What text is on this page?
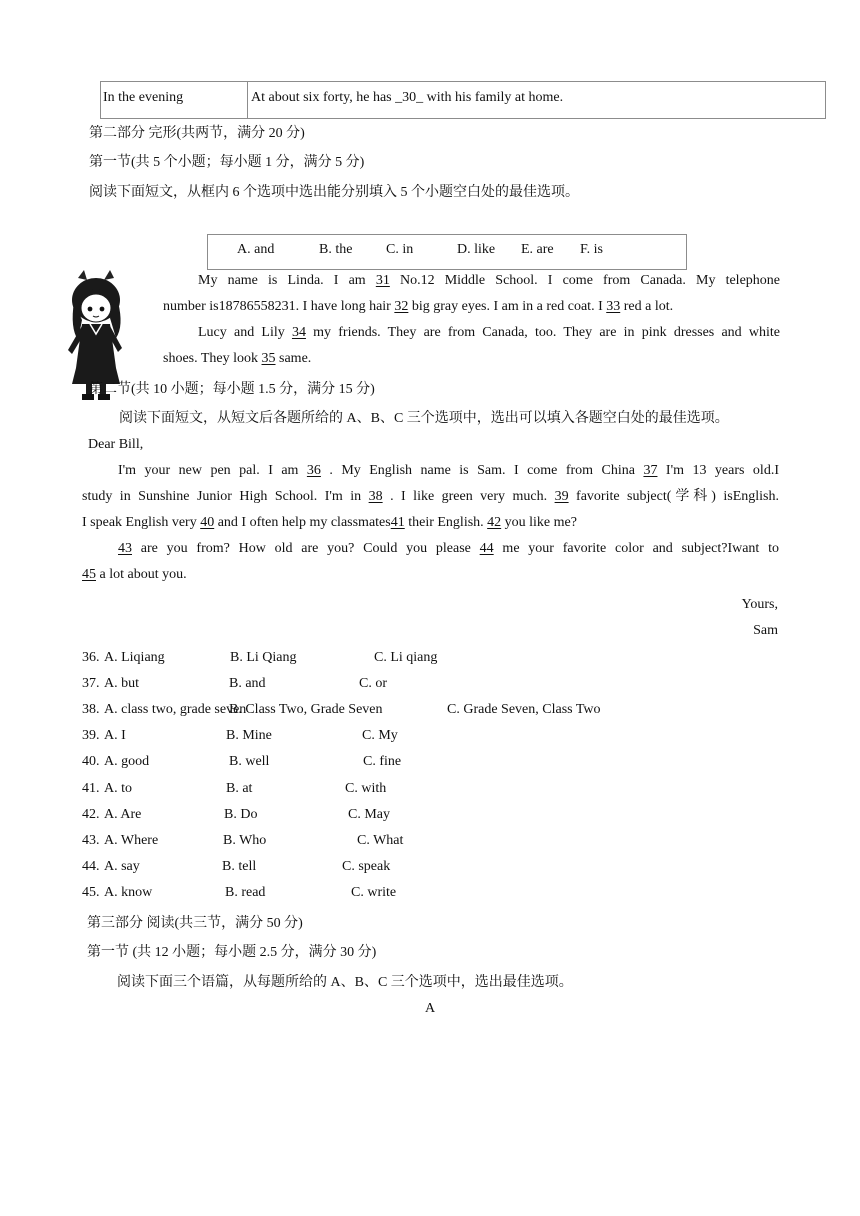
In the evening	At about six forty, he has _30_ with his family at home.
第二部分 完形(共两节，满分 20 分)
第一节(共 5 个小题；每小题 1 分，满分 5 分)
阅读下面短文，从框内 6 个选项中选出能分别填入 5 个小题空白处的最佳选项。
A. and	B. the C. in	D. like E. are F. is
My name is Linda. I am 31 No.12 Middle School. I come from Canada. My telephone
number is18786558231. I have long hair 32 big gray eyes. I am in a red coat. I 33 red a lot.
Lucy and Lily 34 my friends. They are from Canada, too. They are in pink dresses and white
shoes. They look 35 same.
第二节(共 10 小题；每小题 1.5 分，满分 15 分)
阅读下面短文，从短文后各题所给的 A、B、C 三个选项中，选出可以填入各题空白处的最佳选项。
Dear Bill,
I'm your new pen pal. I am 36 . My English name is Sam. I come from China 37 I'm 13 years old.I
study in Sunshine Junior High School. I'm in 38 . I like green very much. 39 favorite subject(学科) isEnglish.
I speak English very 40 and I often help my classmates41 their English. 42 you like me?
43 are you from? How old are you? Could you please 44 me your favorite color and subject?Iwant to
45 a lot about you.
Yours,
Sam
36. A. Liqiang	B. Li Qiang	C. Li qiang
37. A. but	B. and	C. or
38. A. class two, grade seven
B. Class Two, Grade Seven	C. Grade Seven, Class Two
39. A. I	B. Mine	C. My
40. A. good	B. well	C. fine
41. A. to	B. at	C. with
42. A. Are	B. Do	C. May
43. A. Where	B. Who	C. What
44. A. say	B. tell	C. speak
45. A. know	B. read	C. write
第三部分 阅读(共三节，满分 50 分)
第一节 (共 12 小题；每小题 2.5 分，满分 30 分)
阅读下面三个语篇，从每题所给的 A、B、C 三个选项中，选出最佳选项。
A
